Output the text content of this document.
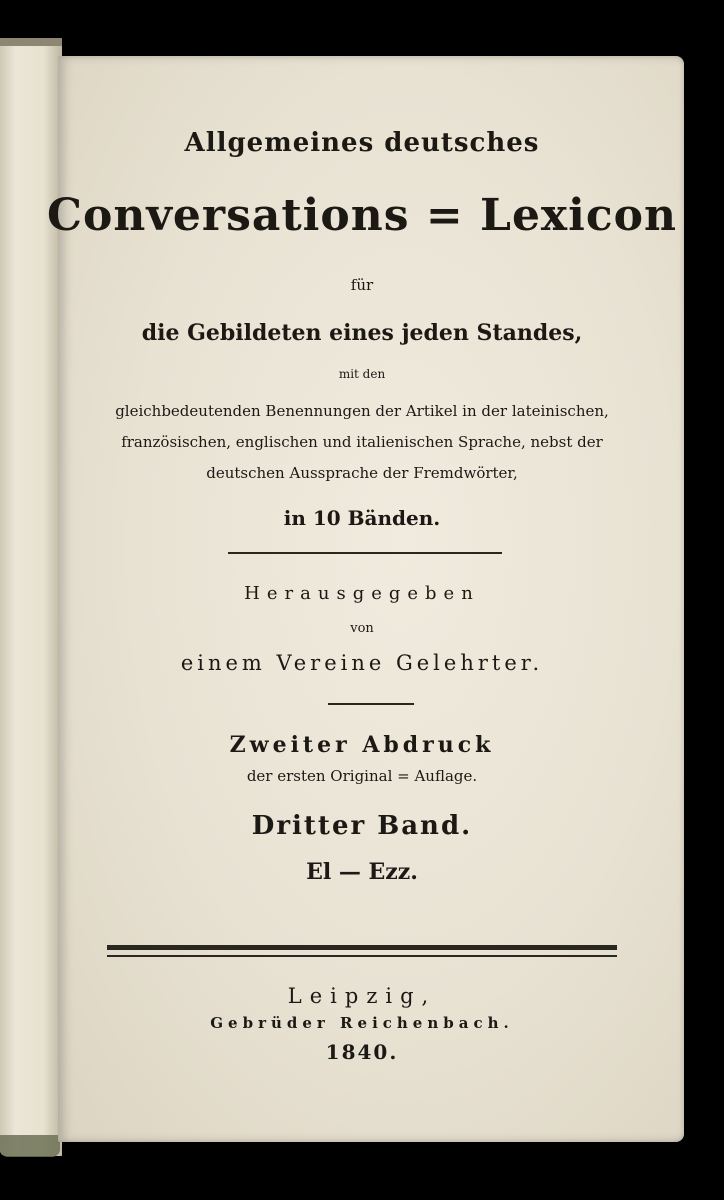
Allgemeines deutsches
Conversations = Lexicon
für
die Gebildeten eines jeden Standes,
mit den
gleichbedeutenden Benennungen der Artikel in der lateinischen,
französischen, englischen und italienischen Sprache, nebst der
deutschen Aussprache der Fremdwörter,
in 10 Bänden.
Herausgegeben
von
einem Vereine Gelehrter.
Zweiter Abdruck
der ersten Original = Auflage.
Dritter Band.
El — Ezz.
Leipzig,
Gebrüder Reichenbach.
1840.
